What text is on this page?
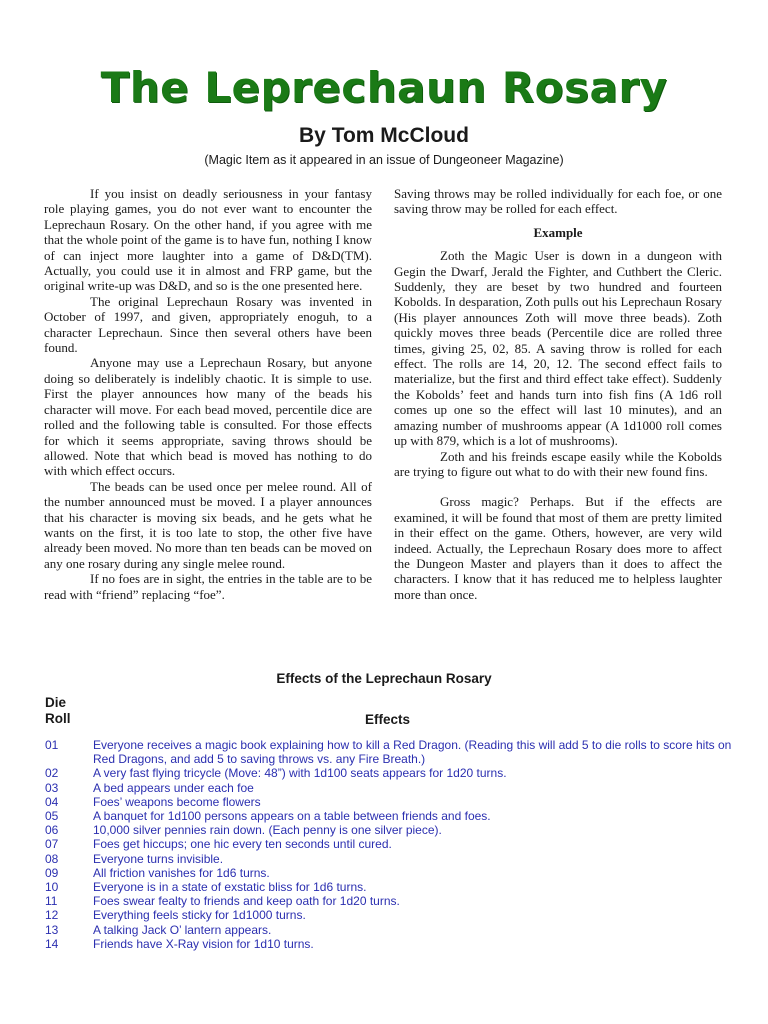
The Leprechaun Rosary
By Tom McCloud
(Magic Item as it appeared in an issue of Dungeoneer Magazine)

If you insist on deadly seriousness in your fantasy role playing games, you do not ever want to encounter the Leprechaun Rosary. On the other hand, if you agree with me that the whole point of the game is to have fun, nothing I know of can inject more laughter into a game of D&D(TM). Actually, you could use it in almost and FRP game, but the original write-up was D&D, and so is the one presented here.

The original Leprechaun Rosary was invented in October of 1997, and given, appropriately enoguh, to a character Leprechaun. Since then several others have been found.

Anyone may use a Leprechaun Rosary, but anyone doing so deliberately is indelibly chaotic. It is simple to use. First the player announces how many of the beads his character will move. For each bead moved, percentile dice are rolled and the following table is consulted. For those effects for which it seems appropriate, saving throws should be allowed. Note that which bead is moved has nothing to do with which effect occurs.

The beads can be used once per melee round. All of the number announced must be moved. I a player announces that his character is moving six beads, and he gets what he wants on the first, it is too late to stop, the other five have already been moved. No more than ten beads can be moved on any one rosary during any single melee round.

If no foes are in sight, the entries in the table are to be read with “friend” replacing “foe”.

Saving throws may be rolled individually for each foe, or one saving throw may be rolled for each effect.

Example

Zoth the Magic User is down in a dungeon with Gegin the Dwarf, Jerald the Fighter, and Cuthbert the Cleric. Suddenly, they are beset by two hundred and fourteen Kobolds. In desparation, Zoth pulls out his Leprechaun Rosary (His player announces Zoth will move three beads). Zoth quickly moves three beads (Percentile dice are rolled three times, giving 25, 02, 85. A saving throw is rolled for each effect. The rolls are 14, 20, 12. The second effect fails to materialize, but the first and third effect take effect). Suddenly the Kobolds’ feet and hands turn into fish fins (A 1d6 roll comes up one so the effect will last 10 minutes), and an amazing number of mushrooms appear (A 1d1000 roll comes up with 879, which is a lot of mushrooms).

Zoth and his freinds escape easily while the Kobolds are trying to figure out what to do with their new found fins.

Gross magic? Perhaps. But if the effects are examined, it will be found that most of them are pretty limited in their effect on the game. Others, however, are very wild indeed. Actually, the Leprechaun Rosary does more to affect the Dungeon Master and players than it does to affect the characters. I know that it has reduced me to helpless laughter more than once.

Effects of the Leprechaun Rosary
Die
Roll	Effects
01	Everyone receives a magic book explaining how to kill a Red Dragon. (Reading this will add 5 to die rolls to score hits on Red Dragons, and add 5 to saving throws vs. any Fire Breath.)
02	A very fast flying tricycle (Move: 48”) with 1d100 seats appears for 1d20 turns.
03	A bed appears under each foe
04	Foes’ weapons become flowers
05	A banquet for 1d100 persons appears on a table between friends and foes.
06	10,000 silver pennies rain down. (Each penny is one silver piece).
07	Foes get hiccups; one hic every ten seconds until cured.
08	Everyone turns invisible.
09	All friction vanishes for 1d6 turns.
10	Everyone is in a state of exstatic bliss for 1d6 turns.
11	Foes swear fealty to friends and keep oath for 1d20 turns.
12	Everything feels sticky for 1d1000 turns.
13	A talking Jack O’ lantern appears.
14	Friends have X-Ray vision for 1d10 turns.
